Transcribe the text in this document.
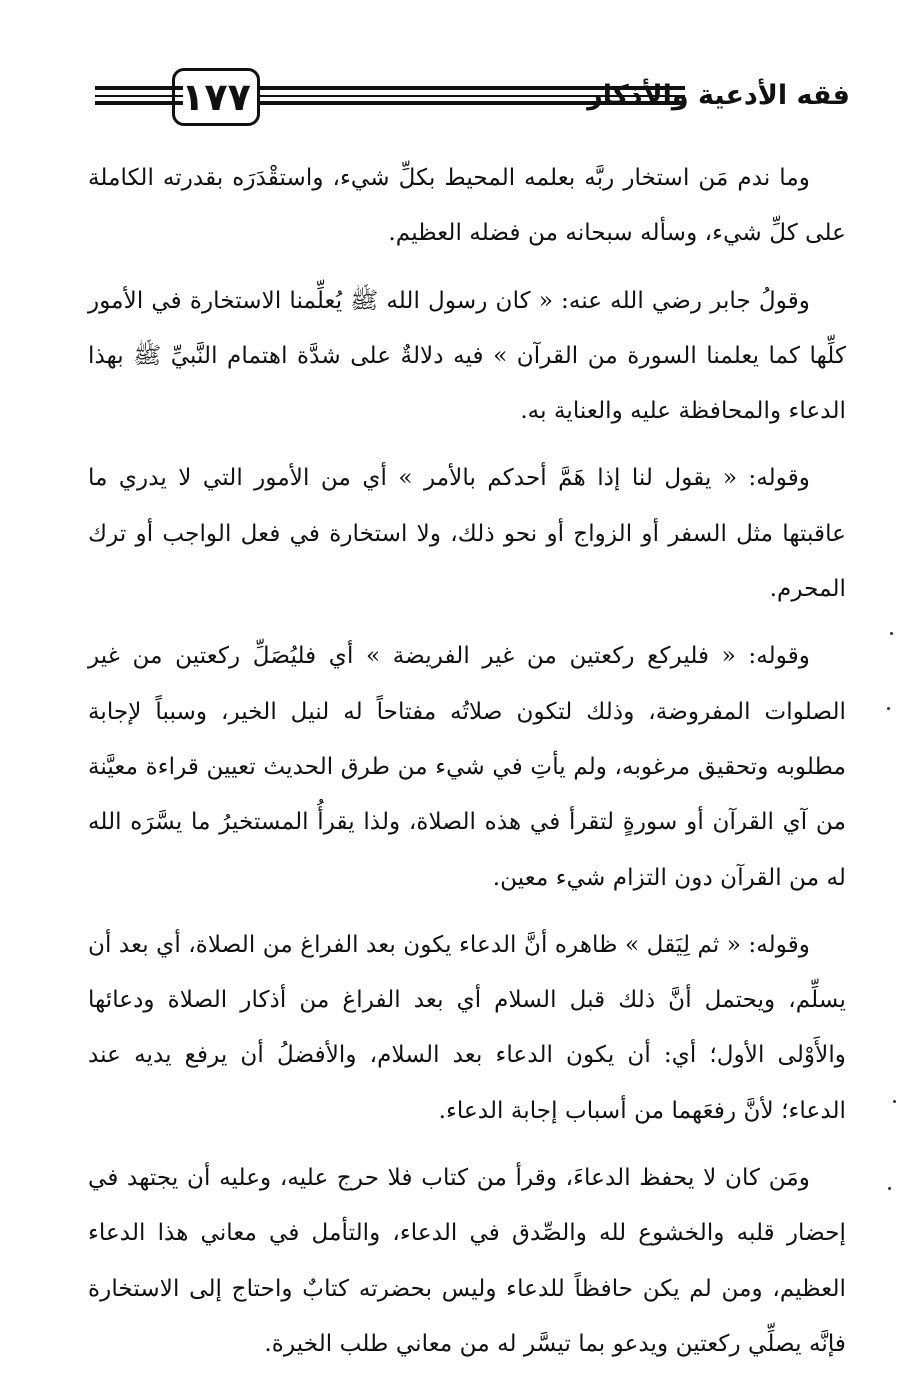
١٧٧	فقه الأدعية والأذكار

وما ندم مَن استخار ربَّه بعلمه المحيط بكلِّ شيء، واستقْدَرَه بقدرته الكاملة على كلِّ شيء، وسأله سبحانه من فضله العظيم.

وقولُ جابر رضي الله عنه: « كان رسول الله ﷺ يُعلِّمنا الاستخارة في الأمور كلِّها كما يعلمنا السورة من القرآن » فيه دلالةٌ على شدَّة اهتمام النَّبيِّ ﷺ بهذا الدعاء والمحافظة عليه والعناية به.

وقوله: « يقول لنا إذا هَمَّ أحدكم بالأمر » أي من الأمور التي لا يدري ما عاقبتها مثل السفر أو الزواج أو نحو ذلك، ولا استخارة في فعل الواجب أو ترك المحرم.

وقوله: « فليركع ركعتين من غير الفريضة » أي فليُصَلِّ ركعتين من غير الصلوات المفروضة، وذلك لتكون صلاتُه مفتاحاً له لنيل الخير، وسبباً لإجابة مطلوبه وتحقيق مرغوبه، ولم يأتِ في شيء من طرق الحديث تعيين قراءة معيَّنة من آي القرآن أو سورةٍ لتقرأ في هذه الصلاة، ولذا يقرأُ المستخيرُ ما يسَّرَه الله له من القرآن دون التزام شيء معين.

وقوله: « ثم لِيَقل » ظاهره أنَّ الدعاء يكون بعد الفراغ من الصلاة، أي بعد أن يسلِّم، ويحتمل أنَّ ذلك قبل السلام أي بعد الفراغ من أذكار الصلاة ودعائها والأَوْلى الأول؛ أي: أن يكون الدعاء بعد السلام، والأفضلُ أن يرفع يديه عند الدعاء؛ لأنَّ رفعَهما من أسباب إجابة الدعاء.

ومَن كان لا يحفظ الدعاءَ، وقرأ من كتاب فلا حرج عليه، وعليه أن يجتهد في إحضار قلبه والخشوع لله والصِّدق في الدعاء، والتأمل في معاني هذا الدعاء العظيم، ومن لم يكن حافظاً للدعاء وليس بحضرته كتابٌ واحتاج إلى الاستخارة فإنَّه يصلِّي ركعتين ويدعو بما تيسَّر له من معاني طلب الخيرة.
